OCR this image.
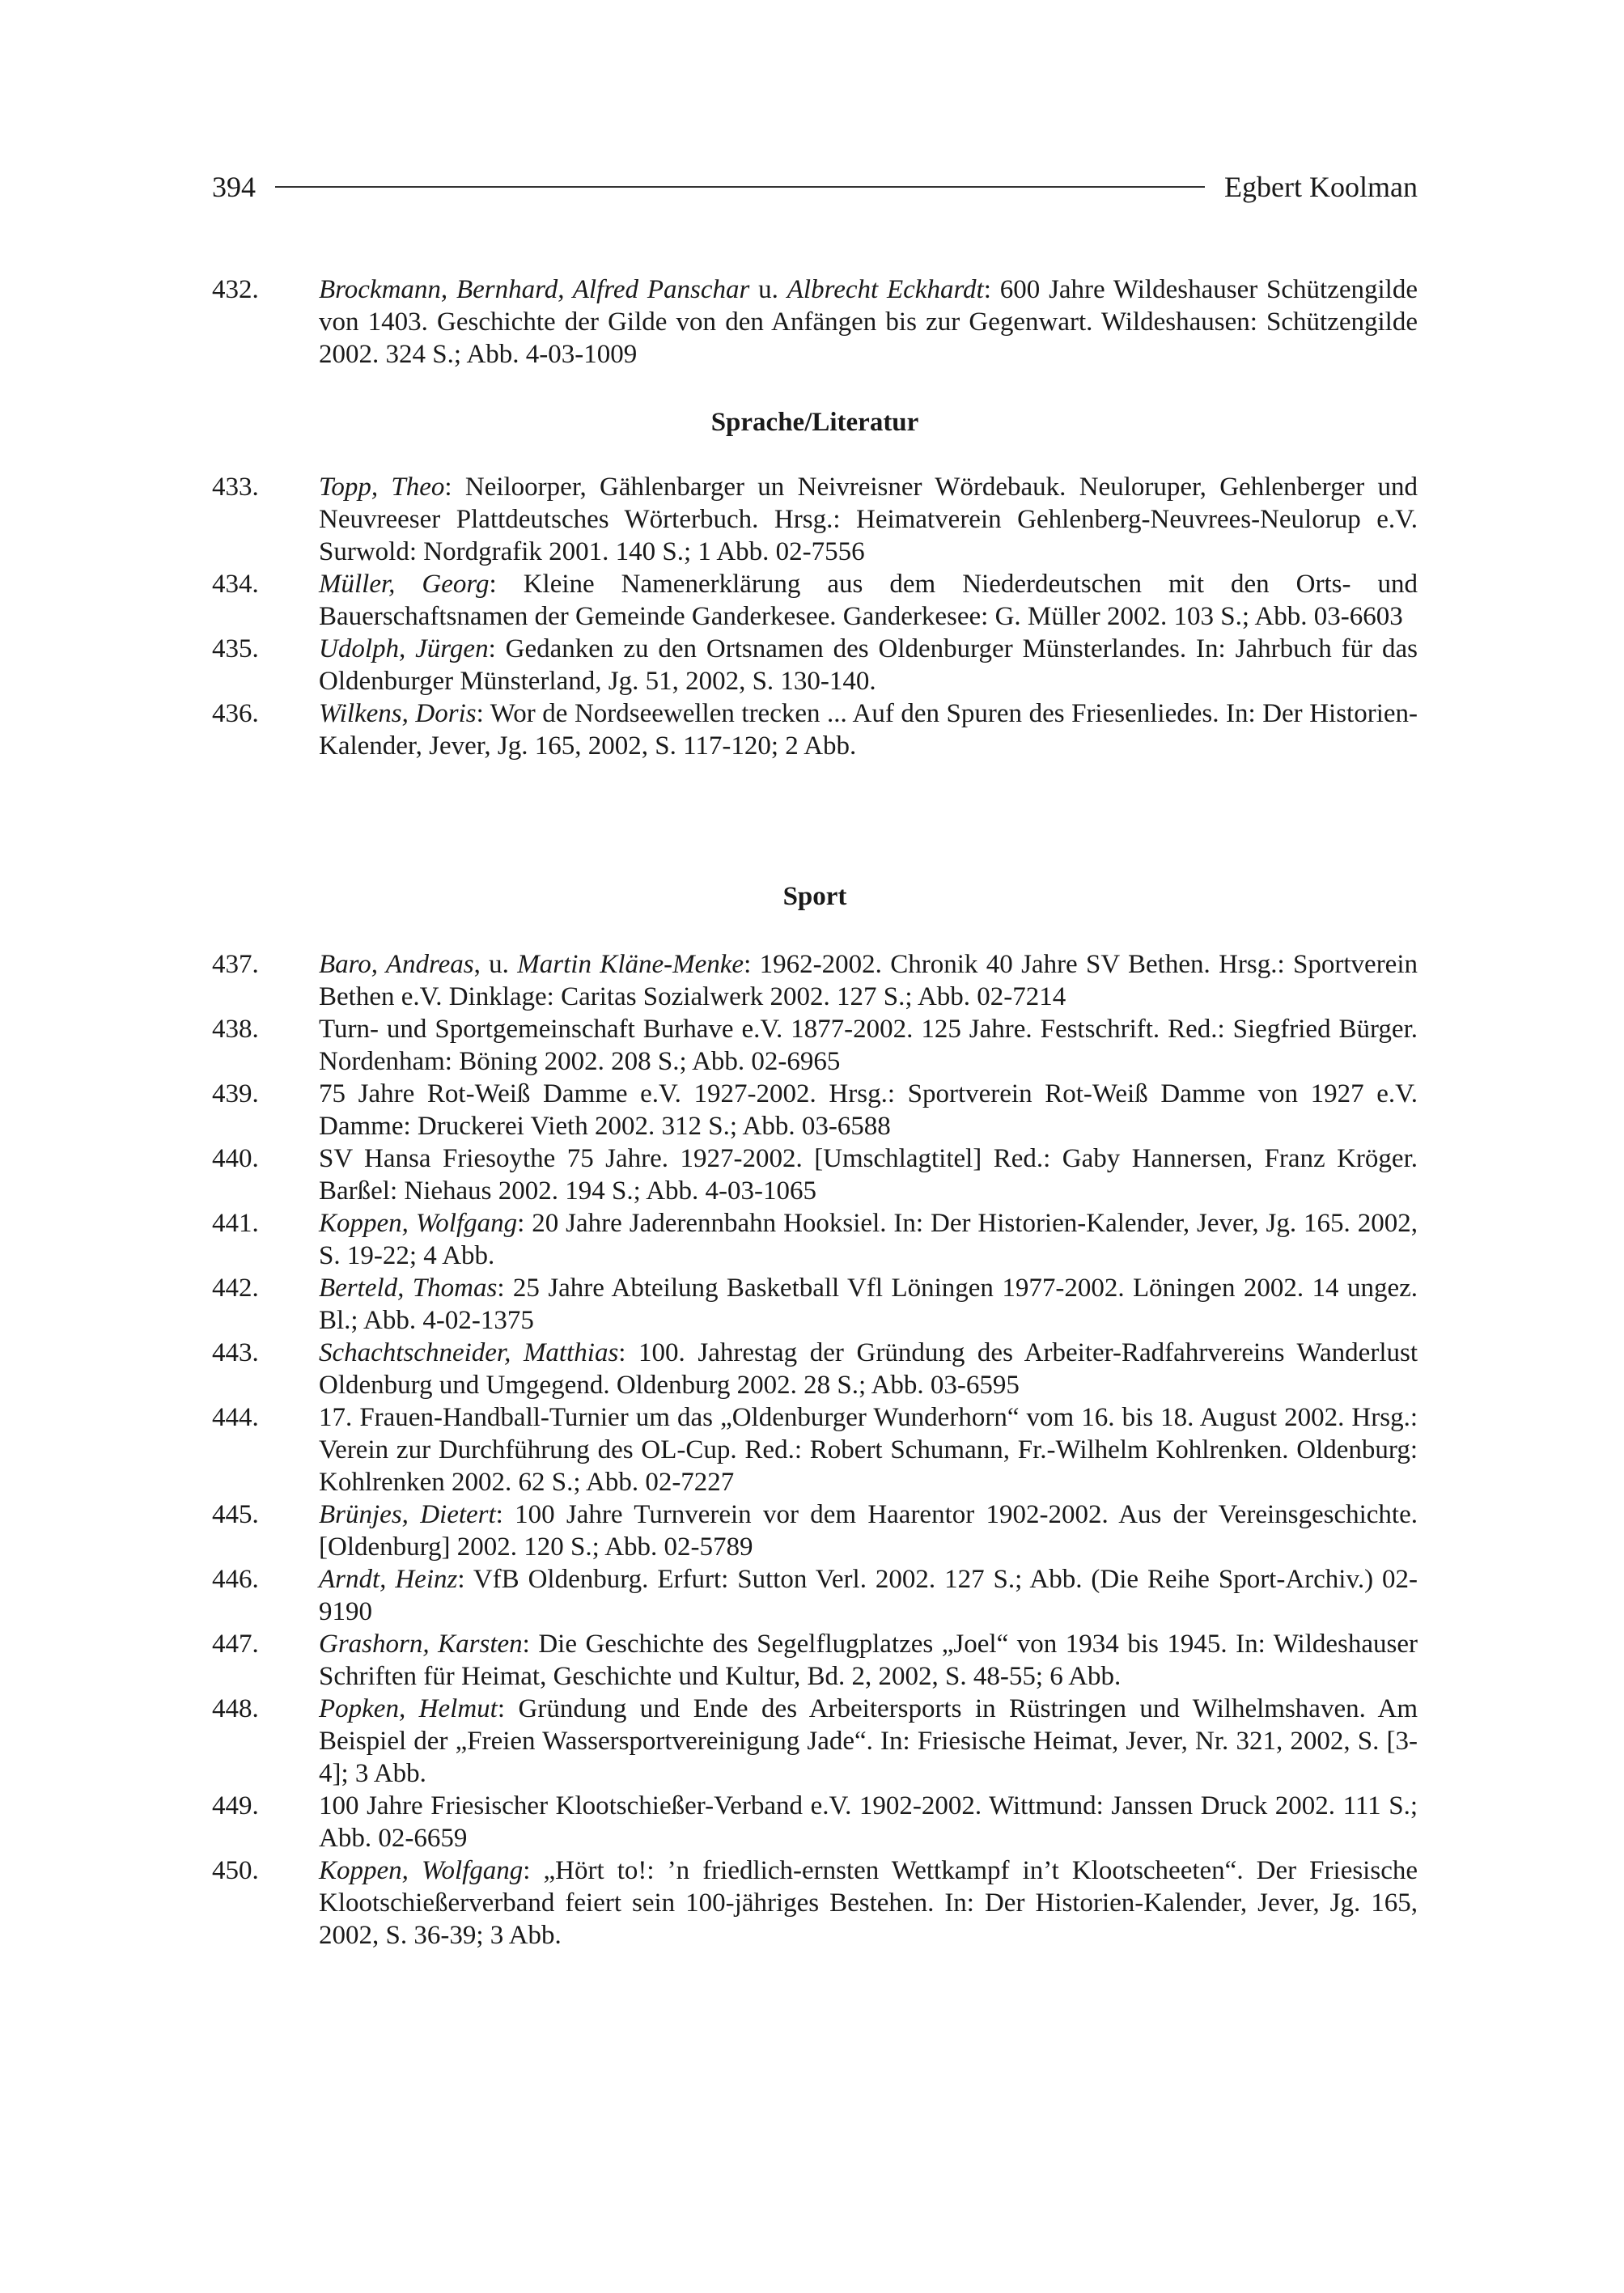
394	Egbert Koolman
432.	Brockmann, Bernhard, Alfred Panschar u. Albrecht Eckhardt: 600 Jahre Wildeshauser Schützengilde von 1403. Geschichte der Gilde von den Anfängen bis zur Gegenwart. Wildeshausen: Schützengilde 2002. 324 S.; Abb. 4-03-1009
Sprache/Literatur
433.	Topp, Theo: Neiloorper, Gählenbarger un Neivreisner Wördebauk. Neuloruper, Gehlenberger und Neuvreeser Plattdeutsches Wörterbuch. Hrsg.: Heimatverein Gehlenberg-Neuvrees-Neulorup e.V. Surwold: Nordgrafik 2001. 140 S.; 1 Abb. 02-7556
434.	Müller, Georg: Kleine Namenerklärung aus dem Niederdeutschen mit den Orts- und Bauerschaftsnamen der Gemeinde Ganderkesee. Ganderkesee: G. Müller 2002. 103 S.; Abb. 03-6603
435.	Udolph, Jürgen: Gedanken zu den Ortsnamen des Oldenburger Münsterlandes. In: Jahrbuch für das Oldenburger Münsterland, Jg. 51, 2002, S. 130-140.
436.	Wilkens, Doris: Wor de Nordseewellen trecken ... Auf den Spuren des Friesenliedes. In: Der Historien-Kalender, Jever, Jg. 165, 2002, S. 117-120; 2 Abb.
Sport
437.	Baro, Andreas, u. Martin Kläne-Menke: 1962-2002. Chronik 40 Jahre SV Bethen. Hrsg.: Sportverein Bethen e.V. Dinklage: Caritas Sozialwerk 2002. 127 S.; Abb. 02-7214
438.	Turn- und Sportgemeinschaft Burhave e.V. 1877-2002. 125 Jahre. Festschrift. Red.: Siegfried Bürger. Nordenham: Böning 2002. 208 S.; Abb. 02-6965
439.	75 Jahre Rot-Weiß Damme e.V. 1927-2002. Hrsg.: Sportverein Rot-Weiß Damme von 1927 e.V. Damme: Druckerei Vieth 2002. 312 S.; Abb. 03-6588
440.	SV Hansa Friesoythe 75 Jahre. 1927-2002. [Umschlagtitel] Red.: Gaby Hannersen, Franz Kröger. Barßel: Niehaus 2002. 194 S.; Abb. 4-03-1065
441.	Koppen, Wolfgang: 20 Jahre Jaderennbahn Hooksiel. In: Der Historien-Kalender, Jever, Jg. 165. 2002, S. 19-22; 4 Abb.
442.	Berteld, Thomas: 25 Jahre Abteilung Basketball Vfl Löningen 1977-2002. Löningen 2002. 14 ungez. Bl.; Abb. 4-02-1375
443.	Schachtschneider, Matthias: 100. Jahrestag der Gründung des Arbeiter-Radfahrvereins Wanderlust Oldenburg und Umgegend. Oldenburg 2002. 28 S.; Abb. 03-6595
444.	17. Frauen-Handball-Turnier um das „Oldenburger Wunderhorn“ vom 16. bis 18. August 2002. Hrsg.: Verein zur Durchführung des OL-Cup. Red.: Robert Schumann, Fr.-Wilhelm Kohlrenken. Oldenburg: Kohlrenken 2002. 62 S.; Abb. 02-7227
445.	Brünjes, Dietert: 100 Jahre Turnverein vor dem Haarentor 1902-2002. Aus der Vereinsgeschichte. [Oldenburg] 2002. 120 S.; Abb. 02-5789
446.	Arndt, Heinz: VfB Oldenburg. Erfurt: Sutton Verl. 2002. 127 S.; Abb. (Die Reihe Sport-Archiv.) 02-9190
447.	Grashorn, Karsten: Die Geschichte des Segelflugplatzes „Joel“ von 1934 bis 1945. In: Wildeshauser Schriften für Heimat, Geschichte und Kultur, Bd. 2, 2002, S. 48-55; 6 Abb.
448.	Popken, Helmut: Gründung und Ende des Arbeitersports in Rüstringen und Wilhelmshaven. Am Beispiel der „Freien Wassersportvereinigung Jade“. In: Friesische Heimat, Jever, Nr. 321, 2002, S. [3-4]; 3 Abb.
449.	100 Jahre Friesischer Klootschießer-Verband e.V. 1902-2002. Wittmund: Janssen Druck 2002. 111 S.; Abb. 02-6659
450.	Koppen, Wolfgang: „Hört to!: ’n friedlich-ernsten Wettkampf in’t Klootscheeten“. Der Friesische Klootschießerverband feiert sein 100-jähriges Bestehen. In: Der Historien-Kalender, Jever, Jg. 165, 2002, S. 36-39; 3 Abb.
